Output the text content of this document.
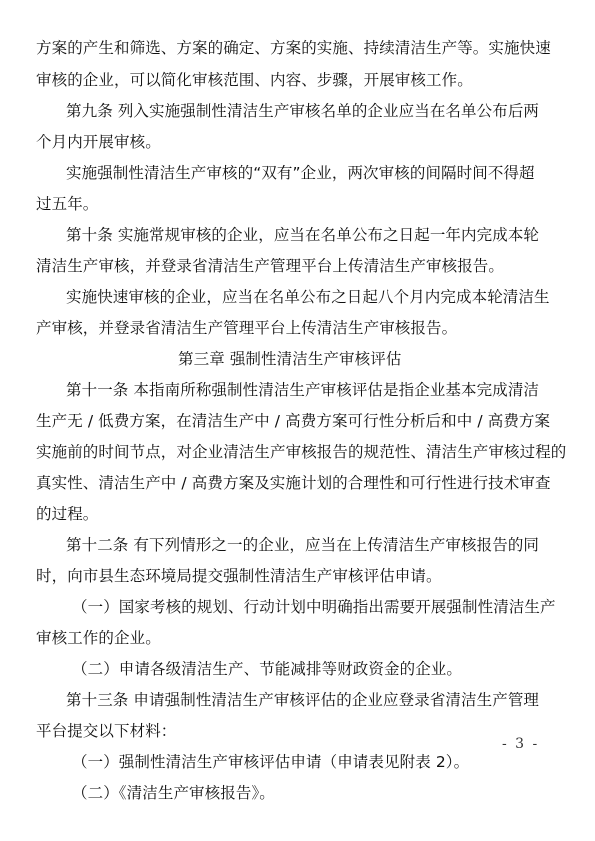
方案的产生和筛选、方案的确定、方案的实施、持续清洁生产等。实施快速
审核的企业，可以简化审核范围、内容、步骤，开展审核工作。
第九条 列入实施强制性清洁生产审核名单的企业应当在名单公布后两
个月内开展审核。
实施强制性清洁生产审核的“双有”企业，两次审核的间隔时间不得超
过五年。
第十条 实施常规审核的企业，应当在名单公布之日起一年内完成本轮
清洁生产审核，并登录省清洁生产管理平台上传清洁生产审核报告。
实施快速审核的企业，应当在名单公布之日起八个月内完成本轮清洁生
产审核，并登录省清洁生产管理平台上传清洁生产审核报告。
第三章 强制性清洁生产审核评估
第十一条 本指南所称强制性清洁生产审核评估是指企业基本完成清洁
生产无 / 低费方案，在清洁生产中 / 高费方案可行性分析后和中 / 高费方案
实施前的时间节点，对企业清洁生产审核报告的规范性、清洁生产审核过程的
真实性、清洁生产中 / 高费方案及实施计划的合理性和可行性进行技术审查
的过程。
第十二条 有下列情形之一的企业，应当在上传清洁生产审核报告的同
时，向市县生态环境局提交强制性清洁生产审核评估申请。
（一）国家考核的规划、行动计划中明确指出需要开展强制性清洁生产
审核工作的企业。
（二）申请各级清洁生产、节能减排等财政资金的企业。
第十三条 申请强制性清洁生产审核评估的企业应登录省清洁生产管理
平台提交以下材料：
（一）强制性清洁生产审核评估申请（申请表见附表 2）。
（二）《清洁生产审核报告》。
- 3 -
